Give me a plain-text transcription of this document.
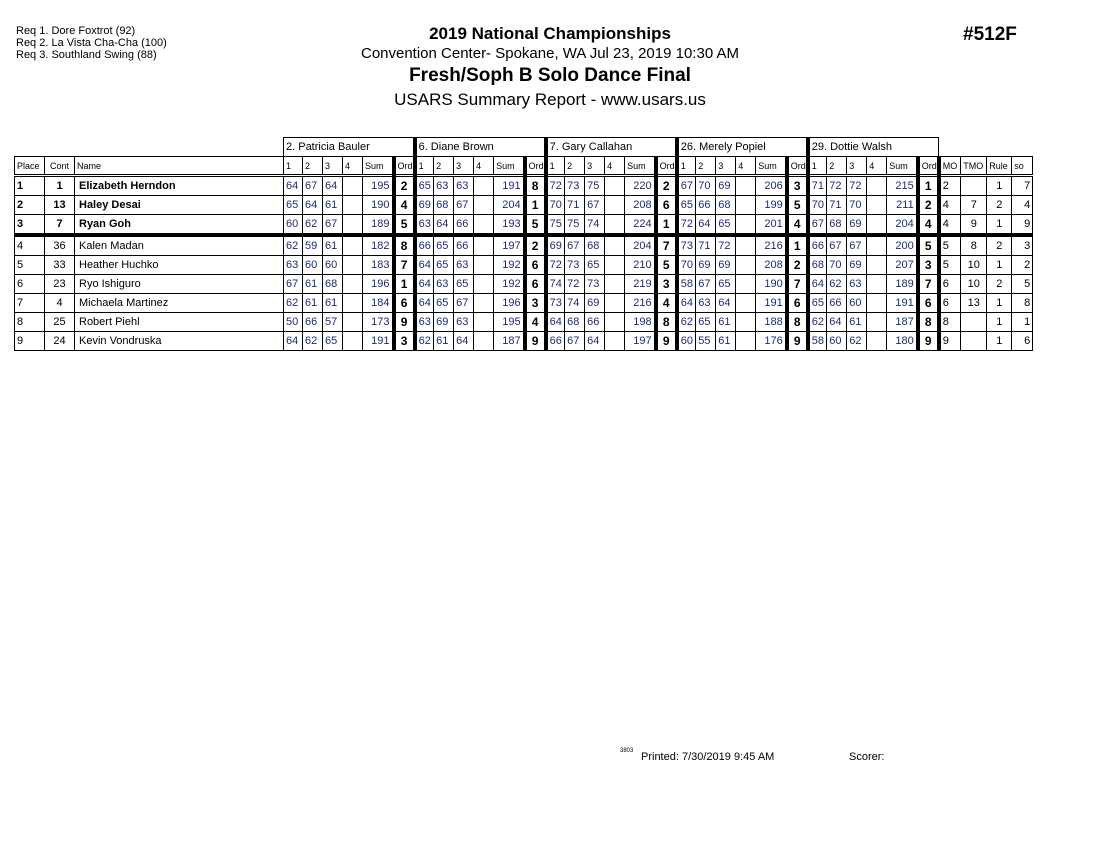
Req 1. Dore Foxtrot (92)
Req 2. La Vista Cha-Cha (100)
Req 3. Southland Swing (88)
2019 National Championships
Convention Center- Spokane, WA Jul 23, 2019 10:30 AM
Fresh/Soph B Solo Dance Final
USARS Summary Report - www.usars.us
#512F
			2. Patricia Bauler						6. Diane Brown						7. Gary Callahan						26. Merely Popiel						29. Dottie Walsh									
Place	Cont	Name	1	2	3	4	Sum	Ord	1	2	3	4	Sum	Ord	1	2	3	4	Sum	Ord	1	2	3	4	Sum	Ord	1	2	3	4	Sum	Ord	MO	TMO	Rule	so
1	1	Elizabeth Herndon	64	67	64		195	2	65	63	63		191	8	72	73	75		220	2	67	70	69		206	3	71	72	72		215	1	2		1	7
2	13	Haley Desai	65	64	61		190	4	69	68	67		204	1	70	71	67		208	6	65	66	68		199	5	70	71	70		211	2	4	7	2	4
3	7	Ryan Goh	60	62	67		189	5	63	64	66		193	5	75	75	74		224	1	72	64	65		201	4	67	68	69		204	4	4	9	1	9
4	36	Kalen Madan	62	59	61		182	8	66	65	66		197	2	69	67	68		204	7	73	71	72		216	1	66	67	67		200	5	5	8	2	3
5	33	Heather Huchko	63	60	60		183	7	64	65	63		192	6	72	73	65		210	5	70	69	69		208	2	68	70	69		207	3	5	10	1	2
6	23	Ryo Ishiguro	67	61	68		196	1	64	63	65		192	6	74	72	73		219	3	58	67	65		190	7	64	62	63		189	7	6	10	2	5
7	4	Michaela Martinez	62	61	61		184	6	64	65	67		196	3	73	74	69		216	4	64	63	64		191	6	65	66	60		191	6	6	13	1	8
8	25	Robert Piehl	50	66	57		173	9	63	69	63		195	4	64	68	66		198	8	62	65	61		188	8	62	64	61		187	8	8		1	1
9	24	Kevin Vondruska	64	62	65		191	3	62	61	64		187	9	66	67	64		197	9	60	55	61		176	9	58	60	62		180	9	9		1	6
3803 Printed: 7/30/2019 9:45 AM	Scorer:
